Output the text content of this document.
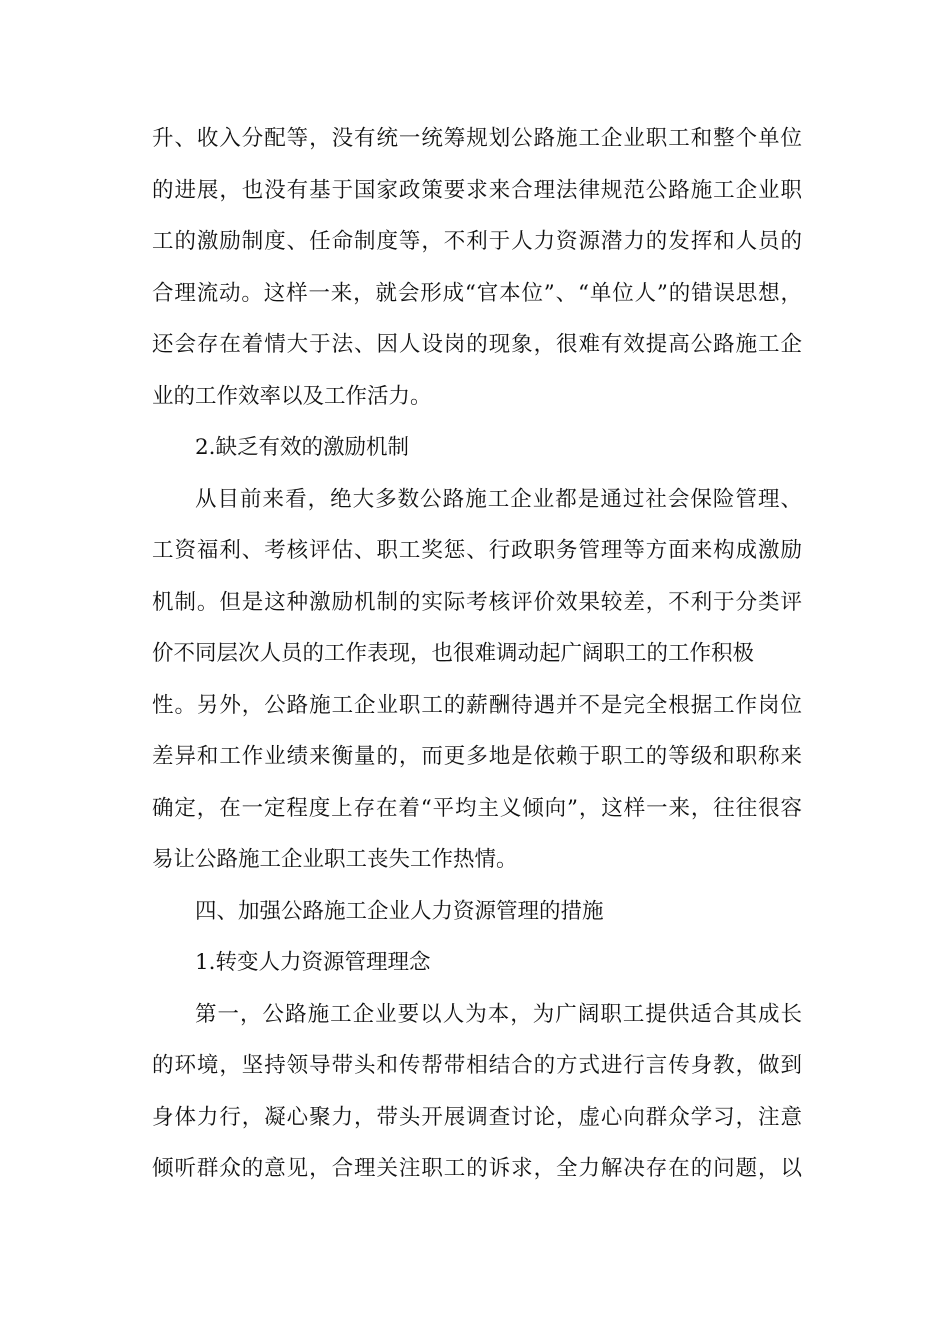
升、收入分配等，没有统一统筹规划公路施工企业职工和整个单位
的进展，也没有基于国家政策要求来合理法律规范公路施工企业职
工的激励制度、任命制度等，不利于人力资源潜力的发挥和人员的
合理流动。这样一来，就会形成“官本位”、“单位人”的错误思想，
还会存在着情大于法、因人设岗的现象，很难有效提高公路施工企
业的工作效率以及工作活力。
2.缺乏有效的激励机制
从目前来看，绝大多数公路施工企业都是通过社会保险管理、
工资福利、考核评估、职工奖惩、行政职务管理等方面来构成激励
机制。但是这种激励机制的实际考核评价效果较差，不利于分类评
价不同层次人员的工作表现，也很难调动起广阔职工的工作积极
性。另外，公路施工企业职工的薪酬待遇并不是完全根据工作岗位
差异和工作业绩来衡量的，而更多地是依赖于职工的等级和职称来
确定，在一定程度上存在着“平均主义倾向”，这样一来，往往很容
易让公路施工企业职工丧失工作热情。
四、加强公路施工企业人力资源管理的措施
1.转变人力资源管理理念
第一，公路施工企业要以人为本，为广阔职工提供适合其成长
的环境，坚持领导带头和传帮带相结合的方式进行言传身教，做到
身体力行，凝心聚力，带头开展调查讨论，虚心向群众学习，注意
倾听群众的意见，合理关注职工的诉求，全力解决存在的问题，以
